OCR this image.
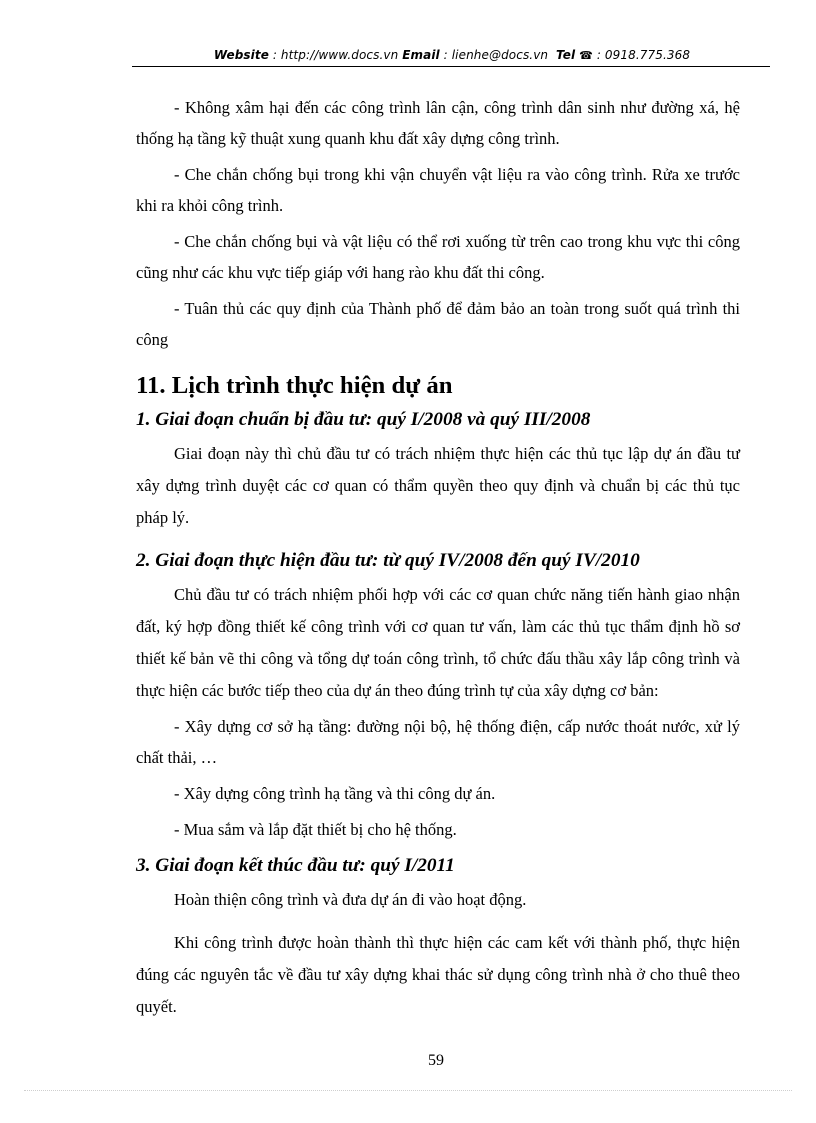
Website : http://www.docs.vn Email : lienhe@docs.vn Tel ☎ : 0918.775.368

- Không xâm hại đến các công trình lân cận, công trình dân sinh như đường xá, hệ thống hạ tầng kỹ thuật xung quanh khu đất xây dựng công trình.

- Che chắn chống bụi trong khi vận chuyển vật liệu ra vào công trình. Rửa xe trước khi ra khỏi công trình.

- Che chắn chống bụi và vật liệu có thể rơi xuống từ trên cao trong khu vực thi công cũng như các khu vực tiếp giáp với hang rào khu đất thi công.

- Tuân thủ các quy định của Thành phố để đảm bảo an toàn trong suốt quá trình thi công

11. Lịch trình thực hiện dự án
1. Giai đoạn chuẩn bị đầu tư: quý I/2008 và quý III/2008

Giai đoạn này thì chủ đầu tư có trách nhiệm thực hiện các thủ tục lập dự án đầu tư xây dựng trình duyệt các cơ quan có thẩm quyền theo quy định và chuẩn bị các thủ tục pháp lý.

2. Giai đoạn thực hiện đầu tư: từ quý IV/2008 đến quý IV/2010

Chủ đầu tư có trách nhiệm phối hợp với các cơ quan chức năng tiến hành giao nhận đất, ký hợp đồng thiết kế công trình với cơ quan tư vấn, làm các thủ tục thẩm định hồ sơ thiết kế bản vẽ thi công và tổng dự toán công trình, tổ chức đấu thầu xây lắp công trình và thực hiện các bước tiếp theo của dự án theo đúng trình tự của xây dựng cơ bản:

- Xây dựng cơ sở hạ tầng: đường nội bộ, hệ thống điện, cấp nước thoát nước, xử lý chất thải, …

- Xây dựng công trình hạ tầng và thi công dự án.

- Mua sắm và lắp đặt thiết bị cho hệ thống.

3. Giai đoạn kết thúc đầu tư: quý I/2011

Hoàn thiện công trình và đưa dự án đi vào hoạt động.

Khi công trình được hoàn thành thì thực hiện các cam kết với thành phố, thực hiện đúng các nguyên tắc về đầu tư xây dựng khai thác sử dụng công trình nhà ở cho thuê theo quyết.

59
